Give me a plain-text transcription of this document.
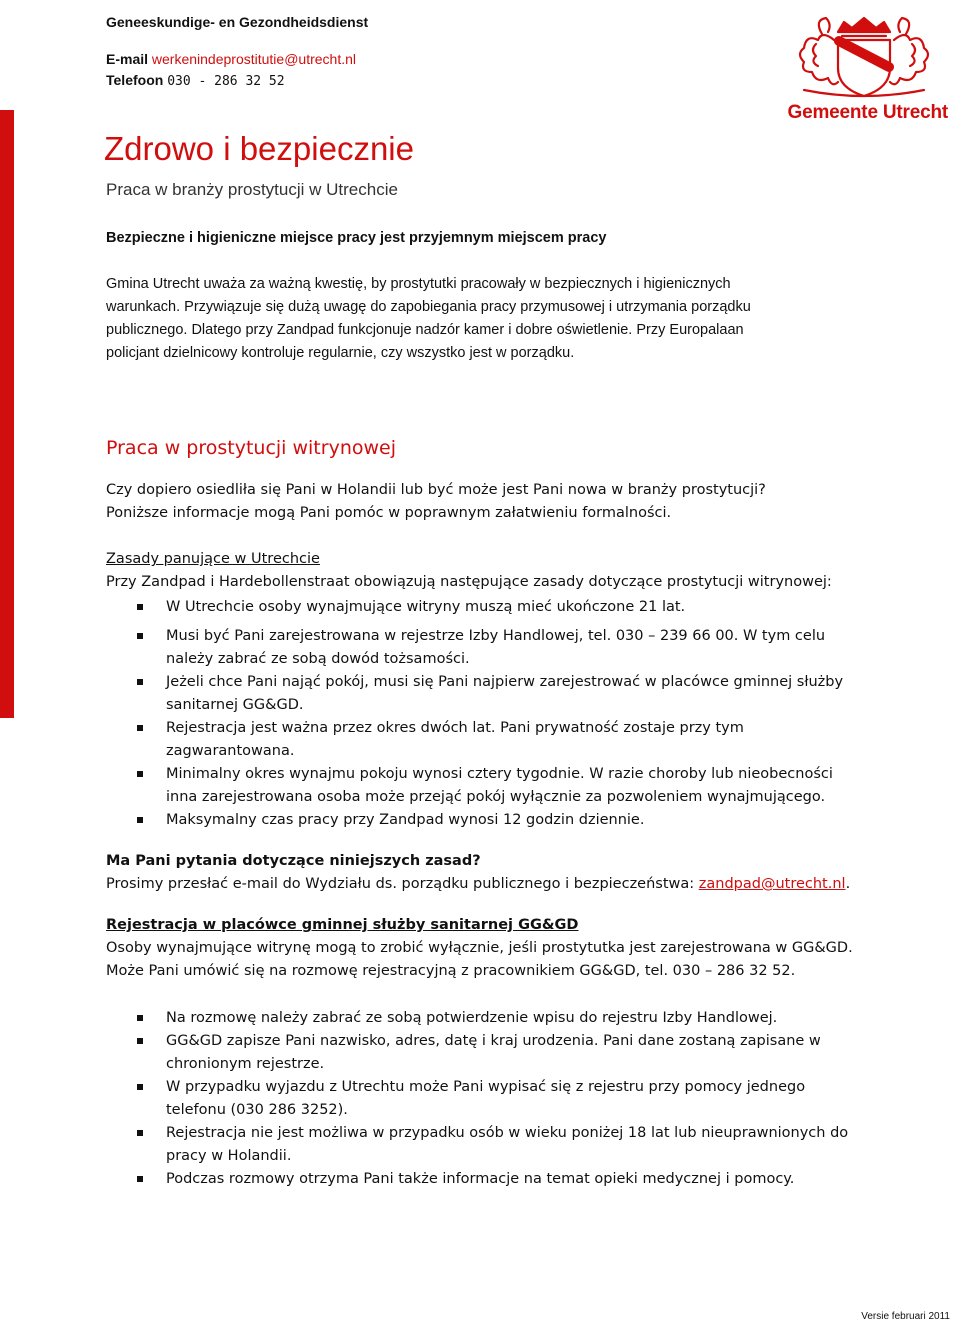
Geneeskundige- en Gezondheidsdienst
E-mail werkenindeprostitutie@utrecht.nl
Telefoon 030 - 286 32 52
Gemeente Utrecht
Zdrowo i bezpiecznie
Praca w branży prostytucji w Utrechcie
Bezpieczne i higieniczne miejsce pracy jest przyjemnym miejscem pracy

Gmina Utrecht uważa za ważną kwestię, by prostytutki pracowały w bezpiecznych i higienicznych

warunkach. Przywiązuje się dużą uwagę do zapobiegania pracy przymusowej i utrzymania porządku

publicznego. Dlatego przy Zandpad funkcjonuje nadzór kamer i dobre oświetlenie. Przy Europalaan

policjant dzielnicowy kontroluje regularnie, czy wszystko jest w porządku.

Praca w prostytucji witrynowej

Czy dopiero osiedliła się Pani w Holandii lub być może jest Pani nowa w branży prostytucji?

Poniższe informacje mogą Pani pomóc w poprawnym załatwieniu formalności.

Zasady panujące w Utrechcie

Przy Zandpad i Hardebollenstraat obowiązują następujące zasady dotyczące prostytucji witrynowej:

W Utrechcie osoby wynajmujące witryny muszą mieć ukończone 21 lat.
Musi być Pani zarejestrowana w rejestrze Izby Handlowej, tel. 030 – 239 66 00. W tym celu
należy zabrać ze sobą dowód tożsamości.
Jeżeli chce Pani nająć pokój, musi się Pani najpierw zarejestrować w placówce gminnej służby
sanitarnej GG&GD.
Rejestracja jest ważna przez okres dwóch lat. Pani prywatność zostaje przy tym
zagwarantowana.
Minimalny okres wynajmu pokoju wynosi cztery tygodnie. W razie choroby lub nieobecności
inna zarejestrowana osoba może przejąć pokój wyłącznie za pozwoleniem wynajmującego.
Maksymalny czas pracy przy Zandpad wynosi 12 godzin dziennie.

Ma Pani pytania dotyczące niniejszych zasad?

Prosimy przesłać e-mail do Wydziału ds. porządku publicznego i bezpieczeństwa: zandpad@utrecht.nl.

Rejestracja w placówce gminnej służby sanitarnej GG&GD

Osoby wynajmujące witrynę mogą to zrobić wyłącznie, jeśli prostytutka jest zarejestrowana w GG&GD.

Może Pani umówić się na rozmowę rejestracyjną z pracownikiem GG&GD, tel. 030 – 286 32 52.

Na rozmowę należy zabrać ze sobą potwierdzenie wpisu do rejestru Izby Handlowej.
GG&GD zapisze Pani nazwisko, adres, datę i kraj urodzenia. Pani dane zostaną zapisane w
chronionym rejestrze.
W przypadku wyjazdu z Utrechtu może Pani wypisać się z rejestru przy pomocy jednego
telefonu (030 286 3252).
Rejestracja nie jest możliwa w przypadku osób w wieku poniżej 18 lat lub nieuprawnionych do
pracy w Holandii.
Podczas rozmowy otrzyma Pani także informacje na temat opieki medycznej i pomocy.
Versie februari 2011
